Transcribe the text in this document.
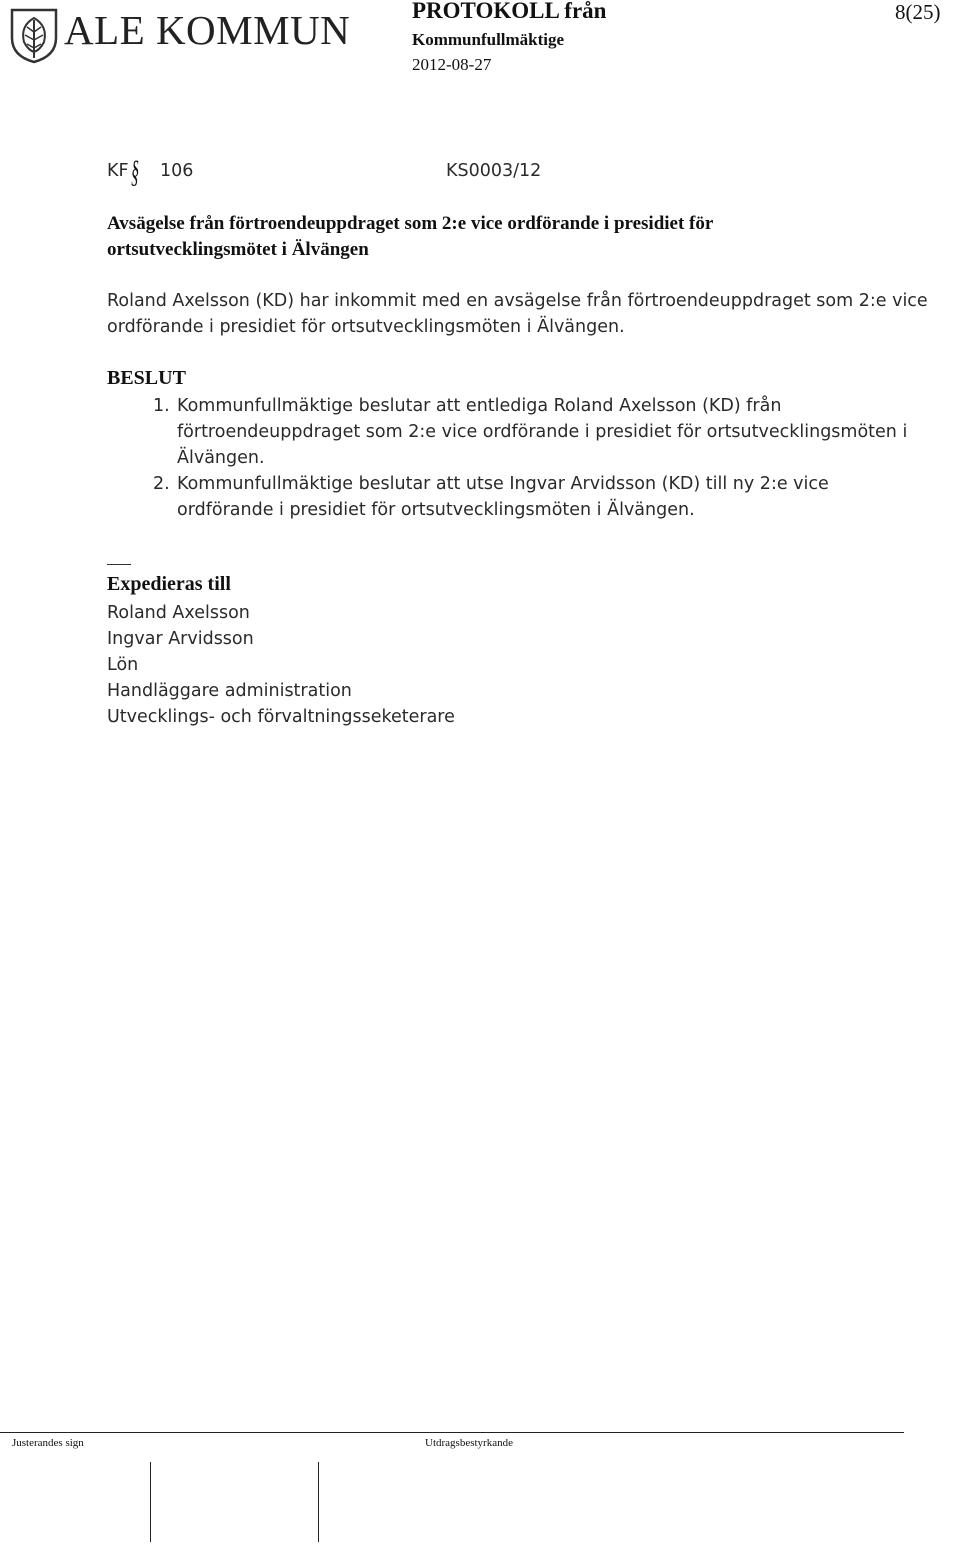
ALE KOMMUN	PROTOKOLL från
Kommunfullmäktige
2012-08-27
8(25)
KF § 106	KS0003/12
Avsägelse från förtroendeuppdraget som 2:e vice ordförande i presidiet för ortsutvecklingsmötet i Älvängen
Roland Axelsson (KD) har inkommit med en avsägelse från förtroendeuppdraget som 2:e vice
ordförande i presidiet för ortsutvecklingsmöten i Älvängen.
BESLUT
1. Kommunfullmäktige beslutar att entlediga Roland Axelsson (KD) från
förtroendeuppdraget som 2:e vice ordförande i presidiet för ortsutvecklingsmöten i
Älvängen.
2. Kommunfullmäktige beslutar att utse Ingvar Arvidsson (KD) till ny 2:e vice
ordförande i presidiet för ortsutvecklingsmöten i Älvängen.
Expedieras till
Roland Axelsson
Ingvar Arvidsson
Lön
Handläggare administration
Utvecklings- och förvaltningsseketerare
Justerandes sign	Utdragsbestyrkande
